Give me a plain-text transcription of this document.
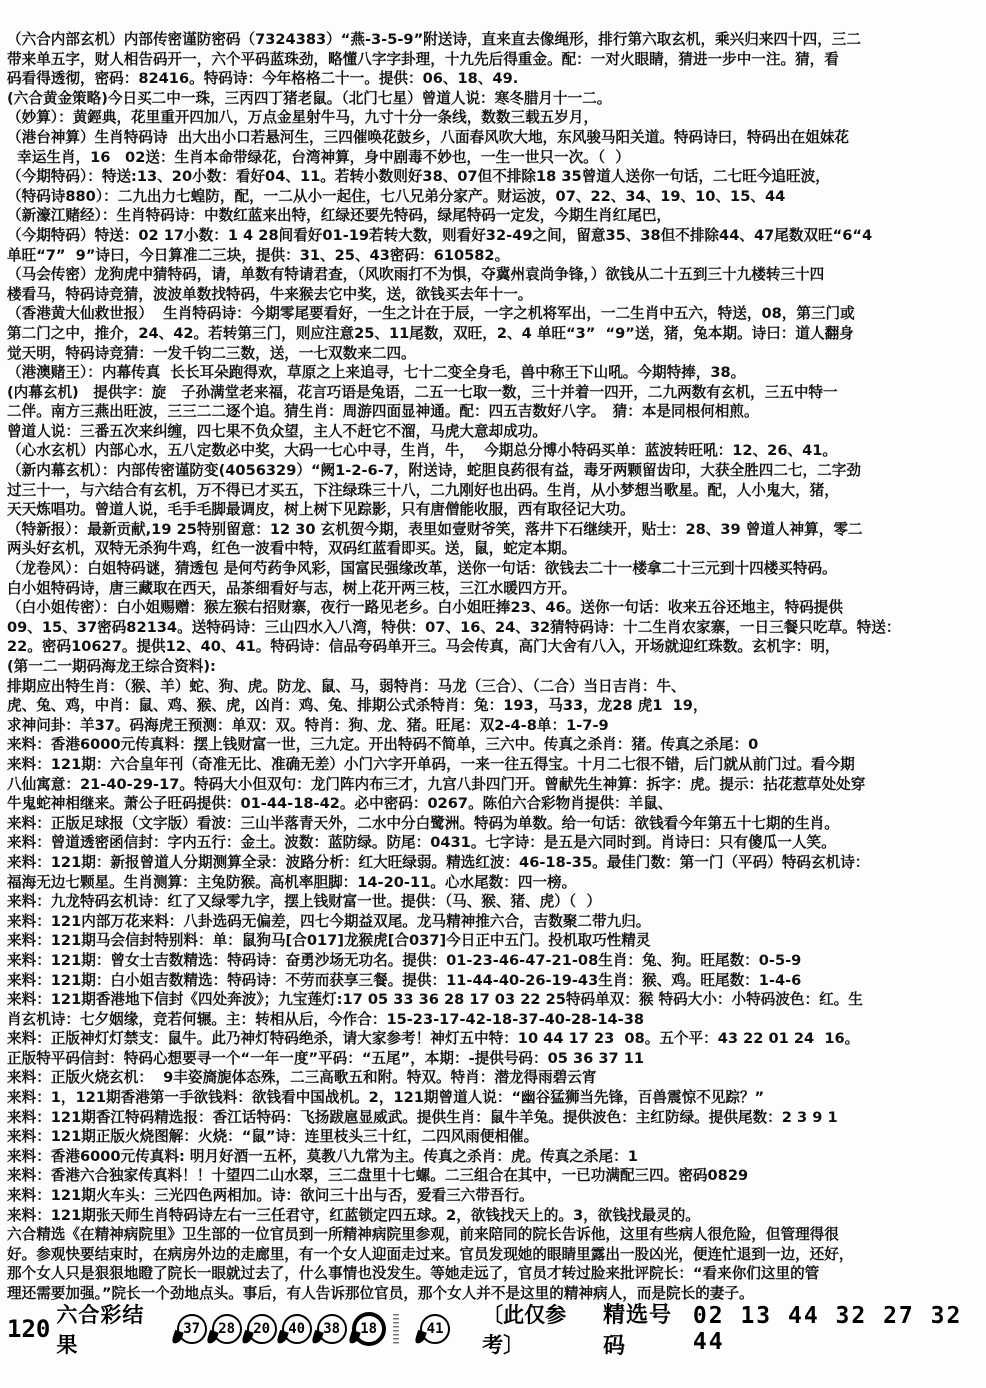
（六合内部玄机）内部传密谨防密码（7324383）“燕-3-5-9”附送诗，直来直去像绳形，排行第六取玄机，乘兴归来四十四，三二
带来单五字，财人相告码开一，六个平码蓝珠劲，略懂八字字卦理，十九先后得重金。配：一对火眼睛，猜进一步中一注。猜，看
码看得透彻，密码：82416。特码诗：今年格格二十一。提供：06、18、49.
(六合黄金策略)今日买二中一珠，三丙四丁猪老鼠。（北门七星）曾道人说：寒冬腊月十一二。
（妙算）：黄鋞典，花里重开四加八，万点金星射牛马，九寸十分一条线，数数三载五岁月，
（港台神算）生肖特码诗  出大出小口若悬河生，三四催唤花鼓乡，八面春风吹大地，东风骏马阳关道。特码诗曰，特码出在姐妹花
幸运生肖，16　02送：生肖本命带绿花，台湾神算，身中剧毒不妙也，一生一世只一次。（  ）
（今期特码）：特送:13、20小数：看好04、11。若转小数则好38、07但不排除18 35曾道人送你一句话，二七旺今追旺波，
（特码诗880）：二九出力七蝗防，配，一二从小一起住，七八兄弟分家产。财运波，07、22、34、19、10、15、44
（新濠江赌经）：生肖特码诗：中数红蓝来出特，红绿还要先特码，绿尾特码一定发，今期生肖红尾巴，
（今期特码）特送：02 17小数：1 4 28间看好01-19若转大数，则看好32-49之间，留意35、38但不排除44、47尾数双旺“6“4
单旺“7”  9”诗曰，今日算准二三块，提供：31、25、43密码：610582。
（马会传密）龙狗虎中猜特码，请，单数有特请君查，（风吹雨打不为惧，夺冀州袁尚争锋，）欲钱从二十五到三十九楼转三十四
楼看马，特码诗竞猜，波波单数找特码，牛来猴去它中奖，送，欲钱买去年十一。
（香港黄大仙救世报）  生肖特码诗：今期零尾要看好，一生之计在于辰，一字之机将军出，一二生肖中五六，特送，08，第三门或
第二门之中，推介，24、42。若转第三门，则应注意25、11尾数，双旺，2、4 单旺“3”  “9”送，猪，兔本期。诗曰：道人翻身
觉天明，特码诗竞猜：一发千钧二三数，送，一七双数来二四。
（港澳赌王）：内幕传真  长长耳朵跑得欢，草原之上来追寻，七十二变全身毛，兽中称王下山吼。今期特捧，38。
(内幕玄机)　提供字：旋　子孙满堂老来福，花言巧语是兔语，二五一七取一数，三十并着一四开，二九两数有玄机，三五中特一
二伴。南方三燕出旺波，三三二二逐个追。猜生肖：周游四面显神通。配：四五吉数好八字。　猜：本是同根何相煎。
曾道人说：三番五次来纠缠，四七果不负众望，主人不赶它不溜，马虎大意却成功。
（心水玄机）内部心水，五八定数必中奖，大码一七心中寻，生肖，牛，  今期总分博小特码买单：蓝波转旺吼：12、26、41。
（新内幕玄机）：内部传密谨防变(4056329）“阙1-2-6-7，附送诗，蛇胆良药很有益，毒牙两颗留齿印，大获全胜四二七，二字劲
过三十一，与六结合有玄机，万不得已才买五，下注绿珠三十八，二九刚好也出码。生肖，从小梦想当歌星。配，人小鬼大，猪，
天天炼唱功。曾道人说，毛手毛脚最调皮，树上树下见踪影，只有唐僧能收服，西有取径记大功。
（特新报）：最新贡献,19 25特别留意：12 30 玄机贺今期，表里如壹财爷笑，落井下石继续开，贴士：28、39 曾道人神算，零二
两头好玄机，双特无杀狗牛鸡，红色一波看中特，双码红蓝看即买。送，鼠，蛇定本期。
（龙卷风）：白姐特码谜，猜透包 是何芍药争风彩，国富民强缘改革，送你一句话：欲钱去二十一楼拿二十三元到十四楼买特码。
白小姐特码诗，唐三藏取在西天，品茶细看好与志，树上花开两三枝，三江水暖四方开。
（白小姐传密）：白小姐赐赠：猴左猴右招财寨，夜行一路见老乡。白小姐旺捧23、46。送你一句话：收来五谷还地主，特码提供
09、15、37密码82134。送特码诗：三山四水入八湾，特供：07、16、24、32猜特码诗：十二生肖农家寨，一日三餐只吃草。特送：
22。密码10627。提供12、40、41。特码诗：信品夸码单开三。马会传真，高门大舍有八入，开场就迎红珠数。玄机字：明，
(第一二一期码海龙王综合资料):
排期应出特生肖：（猴、羊）蛇、狗、虎。防龙、鼠、马，弱特肖：马龙（三合）、（二合）当日吉肖：牛、
虎、兔、鸡，中肖：鼠、鸡、猴、虎，凶肖：鸡、兔、排期公式杀特肖：兔：193，马33，龙28 虎1  19，
求神问卦：羊37。码海虎王预测：单双：双。特肖：狗、龙、猪。旺尾：双2-4-8单：1-7-9
来料：香港6000元传真料：摆上钱财富一世，三九定。开出特码不简单，三六中。传真之杀肖：猪。传真之杀尾：0
来料：121期：六合皇年刊（奇准无比、准确无差）小门六字开单码，一来一往五得宝。十月二七很不错，后门就从前门过。看今期
八仙寓意：21-40-29-17。特码大小但双句：龙门阵内布三才，九宫八卦四门开。曾献先生神算：拆字：虎。提示：拈花惹草处处穿
牛鬼蛇神相继来。萧公子旺码提供：01-44-18-42。必中密码：0267。陈伯六合彩物肖提供：羊鼠、
来料：正版足球报（文字版）看波：三山半落青天外，二水中分白鹭洲。特码为单数。给一句话：欲钱看今年第五十七期的生肖。
来料：曾道透密函信封：字内五行：金土。波数：蓝防绿。防尾：0431。七字诗：是五是六同时到。肖诗曰：只有傻瓜一人笑。
来料：121期：新报曾道人分期测算全录：波路分析：红大旺绿弱。精选红波：46-18-35。最佳门数：第一门（平码）特码玄机诗：
福海无边七颗星。生肖测算：主兔防猴。高机率胆脚：14-20-11。心水尾数：四一榜。
来料：九龙特码玄机诗：红了又绿零九字，摆上钱财富一世。提供：（马、猴、猪、虎）（  ）
来料：121内部万花来料：八卦选码无偏差，四七今期益双尾。龙马精神推六合，吉数聚二带九归。
来料：121期马会信封特别料：单：鼠狗马[合017]龙猴虎[合037]今日正中五门。投机取巧性精灵
来料：121期：曾女士吉数精选：特码诗：奋勇沙场无功名。提供：01-23-46-47-21-08生肖：兔、狗。旺尾数：0-5-9
来料：121期：白小姐吉数精选：特码诗：不劳而获享三餐。提供：11-44-40-26-19-43生肖：猴、鸡。旺尾数：1-4-6
来料：121期香港地下信封《四处奔波》；九宝莲灯:17 05 33 36 28 17 03 22 25特码单双：猴 特码大小：小特码波色：红。生
肖玄机诗：七夕姻缘，竞若何辗。主：转相从后，今作合：15-23-17-42-18-37-40-28-14-38
来料：正版神灯灯禁支：鼠牛。此乃神灯特码绝杀，请大家参考！神灯五中特：10 44 17 23  08。五个平：43 22 01 24  16。
正版特平码信封：特码心想要寻一个“一年一度”平码：“五尾”，本期：-提供号码：05 36 37 11
来料：正版火烧玄机：  9丰姿旖旎体态殊，二三高歌五和附。特双。特肖：潜龙得雨碧云宵
来料：1，121期香港第一手欲钱料：欲钱看中国战机。2，121期曾道人说：“幽谷猛狮当先锋，百兽震惊不见踪？”
来料：121期香江特码精选报：香江话特码：飞扬跋扈显威武。提供生肖：鼠牛羊兔。提供波色：主红防绿。提供尾数：2 3 9 1
来料：121期正版火烧图解：火烧：“鼠”诗：连里枝头三十红，二四风雨便相催。
来料：香港6000元传真料: 明月好酒一五杯，莫教八九常为主。传真之杀肖：虎。传真之杀尾：1
来料：香港六合独家传真料！！十望四二山水翠，三二盘里十七螺。二三组合在其中，一已功满配三四。密码0829
来料：121期火车头：三光四色两相加。诗：欲问三十出与否，爱看三六带吾行。
来料：121期张天师生肖特码诗左右一三任君守，红蓝锁定四五球。2，欲钱找天上的。3，欲钱找最灵的。
六合精选《在精神病院里》卫生部的一位官员到一所精神病院里参观，前来陪同的院长告诉他，这里有些病人很危险，但管理得很
好。参观快要结束时，在病房外边的走廊里，有一个女人迎面走过来。官员发现她的眼睛里露出一股凶光，便连忙退到一边，还好，
那个女人只是狠狠地瞪了院长一眼就过去了，什么事情也没发生。等她走远了，官员才转过脸来批评院长：“看来你们这里的管
理还需要加强。”院长一个劲地点头。事后，有人告诉那位官员，那个女人并不是这里的精神病人，而是院长的妻子。
120 六合彩结果
37	28	20	40	38	18	41
〔此仅参考〕
精选号码
02 13 44 32 27 32 44
